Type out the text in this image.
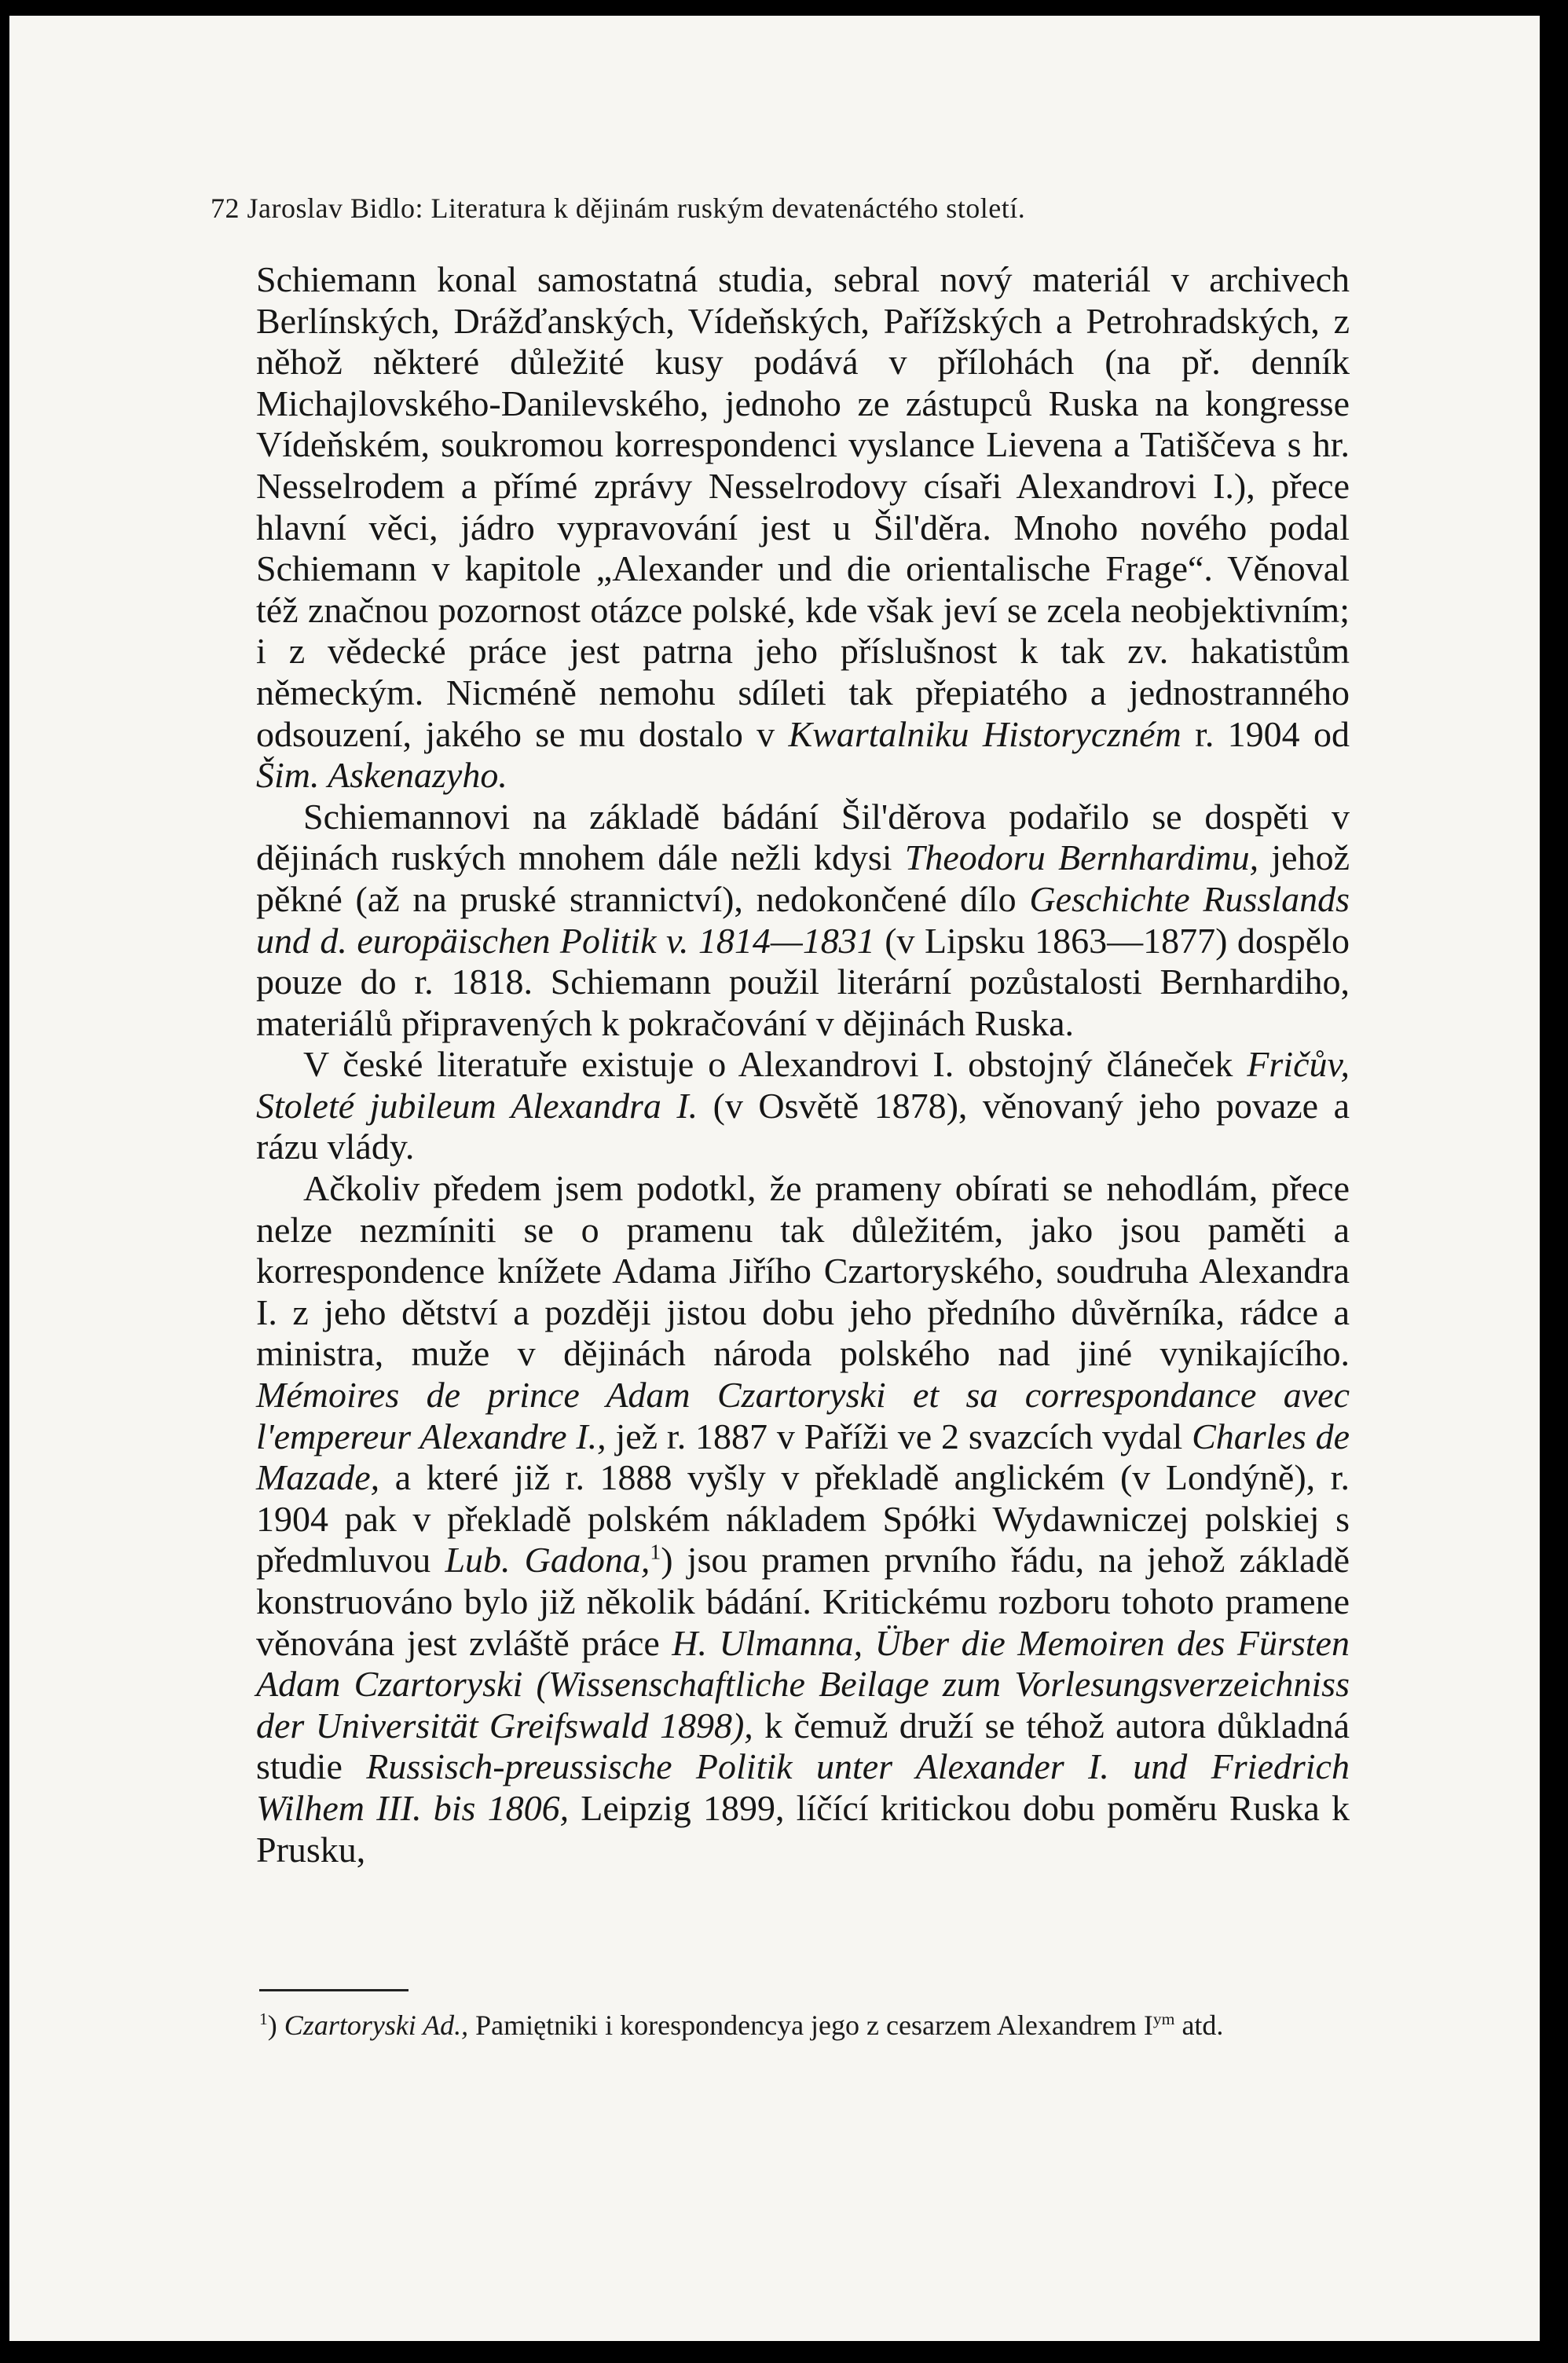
72 Jaroslav Bidlo: Literatura k dějinám ruským devatenáctého století.

Schiemann konal samostatná studia, sebral nový materiál v archivech Berlínských, Drážďanských, Vídeňských, Pařížských a Petrohradských, z něhož některé důležité kusy podává v přílohách (na př. denník Michajlovského-Danilevského, jednoho ze zástupců Ruska na kongresse Vídeňském, soukromou korrespondenci vyslance Lievena a Tatiščeva s hr. Nesselrodem a přímé zprávy Nesselrodovy císaři Alexandrovi I.), přece hlavní věci, jádro vypravování jest u Šil'děra. Mnoho nového podal Schiemann v kapitole „Alexander und die orientalische Frage“. Věnoval též značnou pozornost otázce polské, kde však jeví se zcela neobjektivním; i z vědecké práce jest patrna jeho příslušnost k tak zv. hakatistům německým. Nicméně nemohu sdíleti tak přepiatého a jednostranného odsouzení, jakého se mu dostalo v Kwartalniku Historyczném r. 1904 od Šim. Askenazyho.

Schiemannovi na základě bádání Šil'děrova podařilo se dospěti v dějinách ruských mnohem dále nežli kdysi Theodoru Bernhardimu, jehož pěkné (až na pruské strannictví), nedokončené dílo Geschichte Russlands und d. europäischen Politik v. 1814—1831 (v Lipsku 1863—1877) dospělo pouze do r. 1818. Schiemann použil literární pozůstalosti Bernhardiho, materiálů připravených k pokračování v dějinách Ruska.

V české literatuře existuje o Alexandrovi I. obstojný článeček Fričův, Stoleté jubileum Alexandra I. (v Osvětě 1878), věnovaný jeho povaze a rázu vlády.

Ačkoliv předem jsem podotkl, že prameny obírati se nehodlám, přece nelze nezmíniti se o pramenu tak důležitém, jako jsou paměti a korrespondence knížete Adama Jiřího Czartoryského, soudruha Alexandra I. z jeho dětství a později jistou dobu jeho předního důvěrníka, rádce a ministra, muže v dějinách národa polského nad jiné vynikajícího. Mémoires de prince Adam Czartoryski et sa correspondance avec l'empereur Alexandre I., jež r. 1887 v Paříži ve 2 svazcích vydal Charles de Mazade, a které již r. 1888 vyšly v překladě anglickém (v Londýně), r. 1904 pak v překladě polském nákladem Spółki Wydawniczej polskiej s předmluvou Lub. Gadona,$^1$) jsou pramen prvního řádu, na jehož základě konstruováno bylo již několik bádání. Kritickému rozboru tohoto pramene věnována jest zvláště práce H. Ulmanna, Über die Memoiren des Fürsten Adam Czartoryski (Wissenschaftliche Beilage zum Vorlesungsverzeichniss der Universität Greifswald 1898), k čemuž druží se téhož autora důkladná studie Russisch-preussische Politik unter Alexander I. und Friedrich Wilhem III. bis 1806, Leipzig 1899, líčící kritickou dobu poměru Ruska k Prusku,

$^1$) Czartoryski Ad., Pamiętniki i korespondencya jego z cesarzem Alexandrem $I^{ym}$ atd.
